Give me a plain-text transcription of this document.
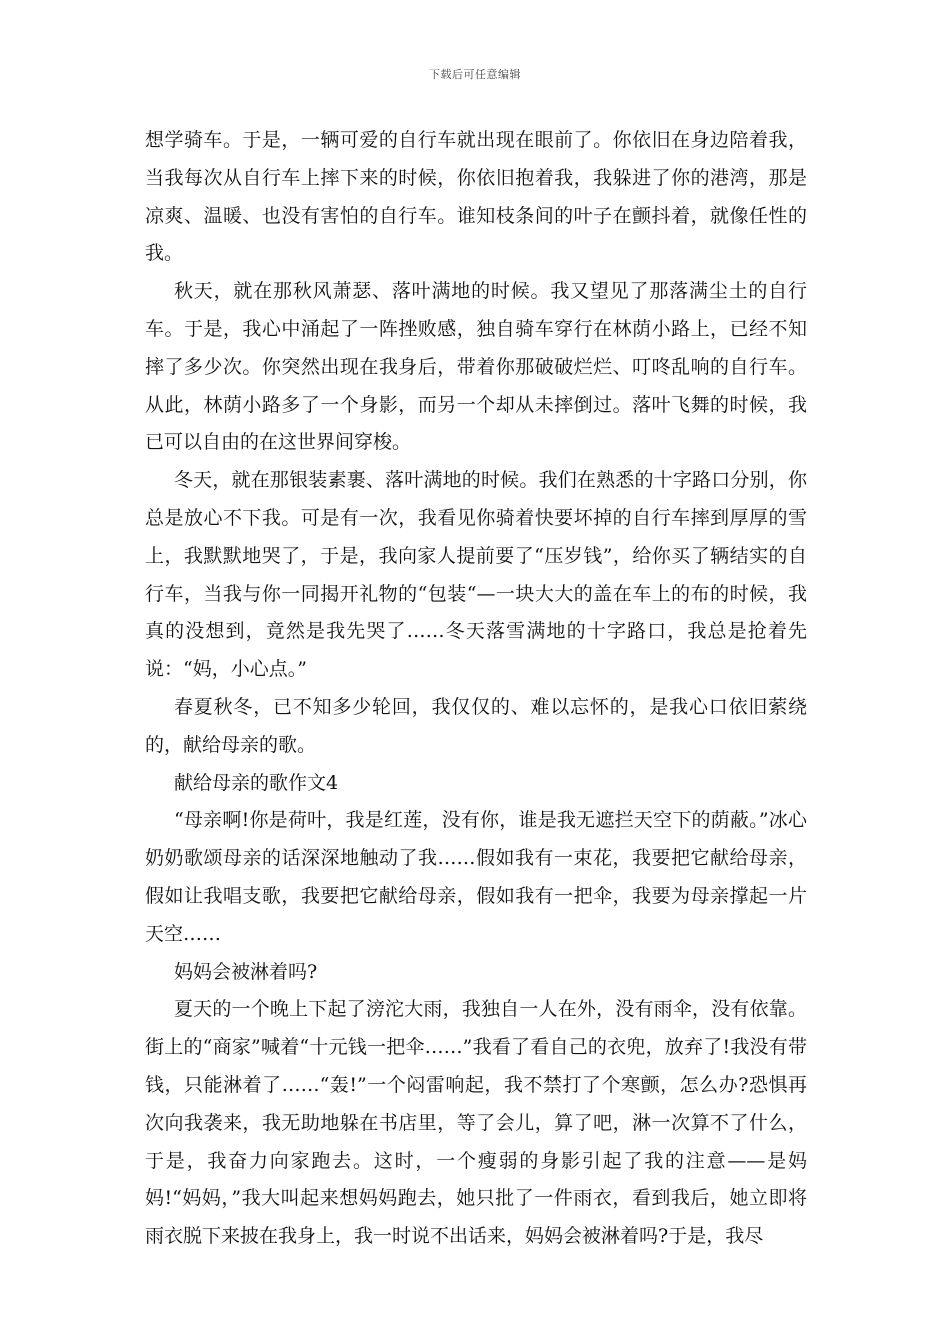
下载后可任意编辑

想学骑车。于是，一辆可爱的自行车就出现在眼前了。你依旧在身边陪着我，当我每次从自行车上摔下来的时候，你依旧抱着我，我躲进了你的港湾，那是凉爽、温暖、也没有害怕的自行车。谁知枝条间的叶子在颤抖着，就像任性的我。

秋天，就在那秋风萧瑟、落叶满地的时候。我又望见了那落满尘土的自行车。于是，我心中涌起了一阵挫败感，独自骑车穿行在林荫小路上，已经不知摔了多少次。你突然出现在我身后，带着你那破破烂烂、叮咚乱响的自行车。从此，林荫小路多了一个身影，而另一个却从未摔倒过。落叶飞舞的时候，我已可以自由的在这世界间穿梭。

冬天，就在那银装素裹、落叶满地的时候。我们在熟悉的十字路口分别，你总是放心不下我。可是有一次，我看见你骑着快要坏掉的自行车摔到厚厚的雪上，我默默地哭了，于是，我向家人提前要了“压岁钱”，给你买了辆结实的自行车，当我与你一同揭开礼物的“包装“—一块大大的盖在车上的布的时候，我真的没想到，竟然是我先哭了……冬天落雪满地的十字路口，我总是抢着先说：“妈，小心点。”

春夏秋冬，已不知多少轮回，我仅仅的、难以忘怀的，是我心口依旧萦绕的，献给母亲的歌。

献给母亲的歌作文4

“母亲啊!你是荷叶，我是红莲，没有你，谁是我无遮拦天空下的荫蔽。”冰心奶奶歌颂母亲的话深深地触动了我……假如我有一束花，我要把它献给母亲，假如让我唱支歌，我要把它献给母亲，假如我有一把伞，我要为母亲撑起一片天空……

妈妈会被淋着吗?

夏天的一个晚上下起了滂沱大雨，我独自一人在外，没有雨伞，没有依靠。街上的“商家”喊着“十元钱一把伞……”我看了看自己的衣兜，放弃了!我没有带钱，只能淋着了……“轰!”一个闷雷响起，我不禁打了个寒颤，怎么办?恐惧再次向我袭来，我无助地躲在书店里，等了会儿，算了吧，淋一次算不了什么，于是，我奋力向家跑去。这时，一个瘦弱的身影引起了我的注意——是妈妈!“妈妈，”我大叫起来想妈妈跑去，她只批了一件雨衣，看到我后，她立即将雨衣脱下来披在我身上，我一时说不出话来，妈妈会被淋着吗?于是，我尽
